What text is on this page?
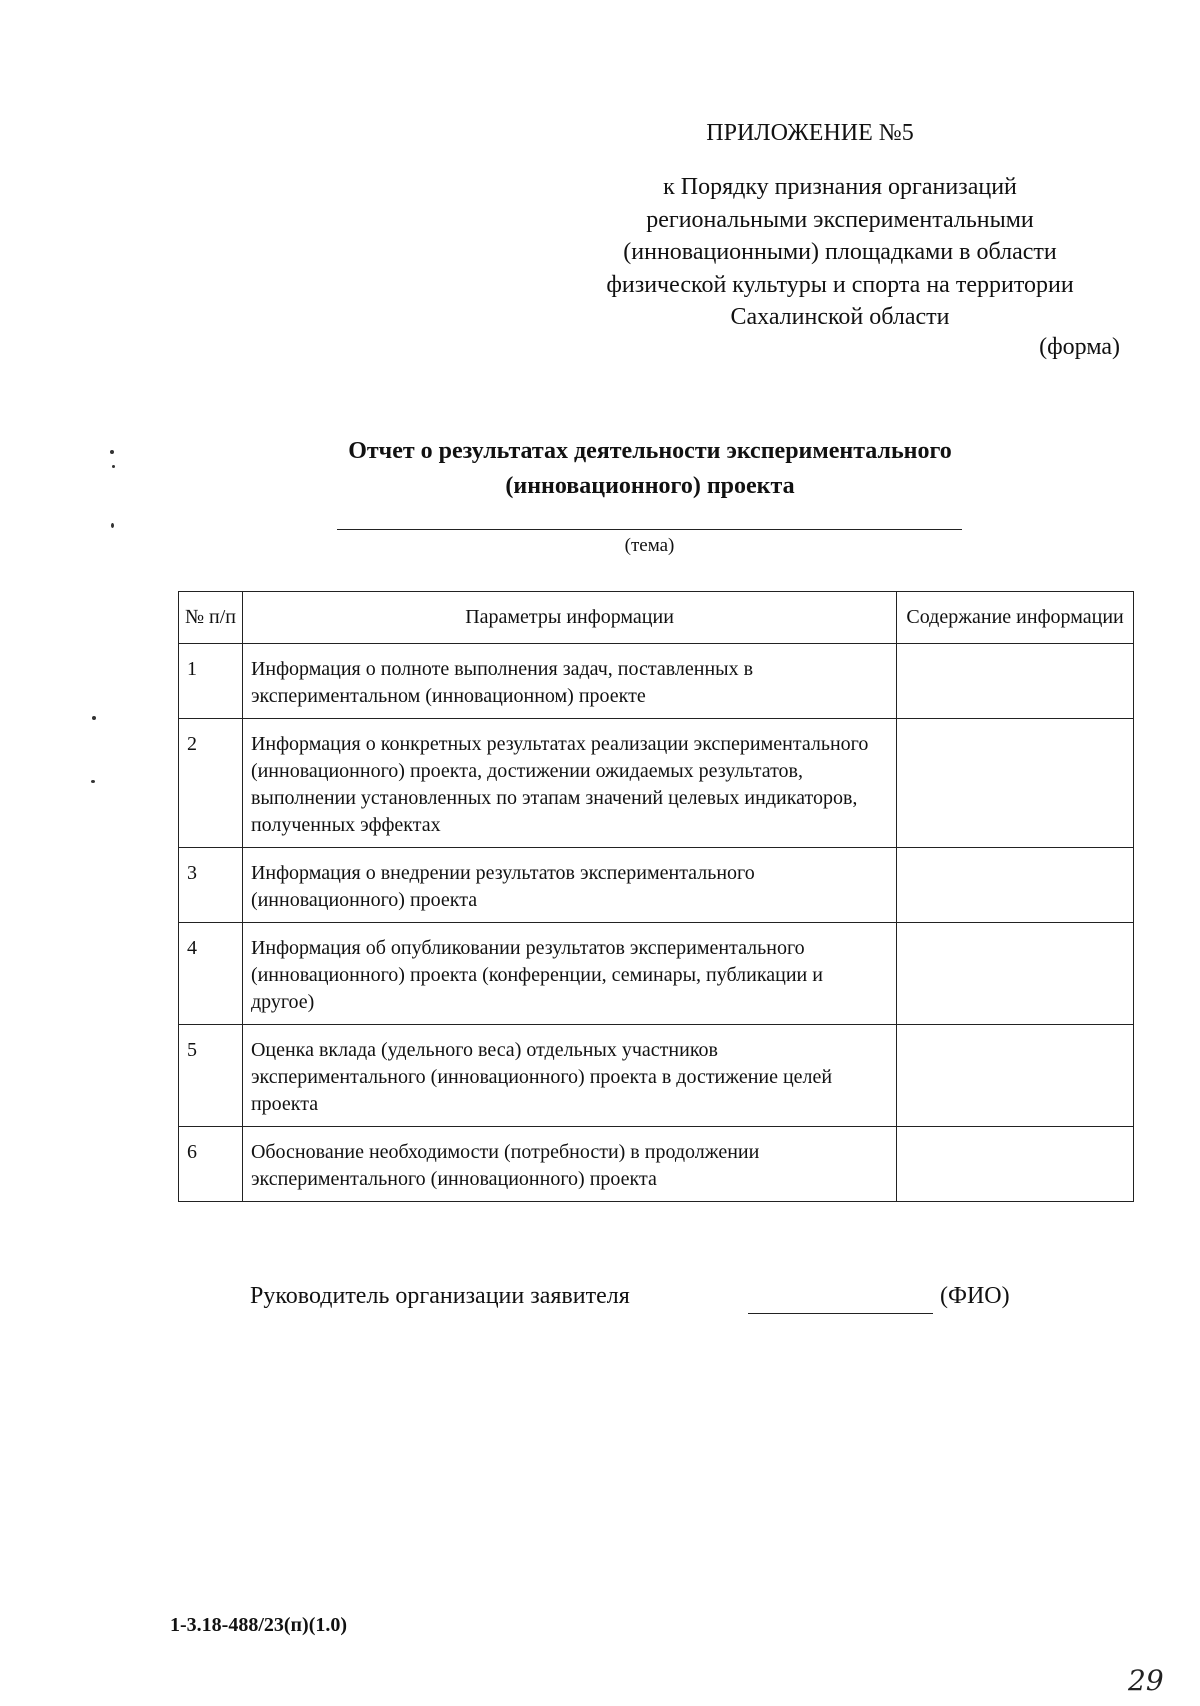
ПРИЛОЖЕНИЕ №5
к Порядку признания организаций
региональными экспериментальными
(инновационными) площадками в области
физической культуры и спорта на территории
Сахалинской области
(форма)
Отчет о результатах деятельности экспериментального
(инновационного) проекта
(тема)
№ п/п	Параметры информации	Содержание информации

1	Информация о полноте выполнения задач, поставленных в экспериментальном (инновационном) проекте	

2	Информация о конкретных результатах реализации экспериментального (инновационного) проекта, достижении ожидаемых результатов, выполнении установленных по этапам значений целевых индикаторов, полученных эффектах	

3	Информация о внедрении результатов экспериментального (инновационного) проекта	

4	Информация об опубликовании результатов экспериментального (инновационного) проекта (конференции, семинары, публикации и другое)	

5	Оценка вклада (удельного веса) отдельных участников экспериментального (инновационного) проекта в достижение целей проекта	

6	Обоснование необходимости (потребности) в продолжении экспериментального (инновационного) проекта	

Руководитель организации заявителя	(ФИО)
1-3.18-488/23(п)(1.0)
29
